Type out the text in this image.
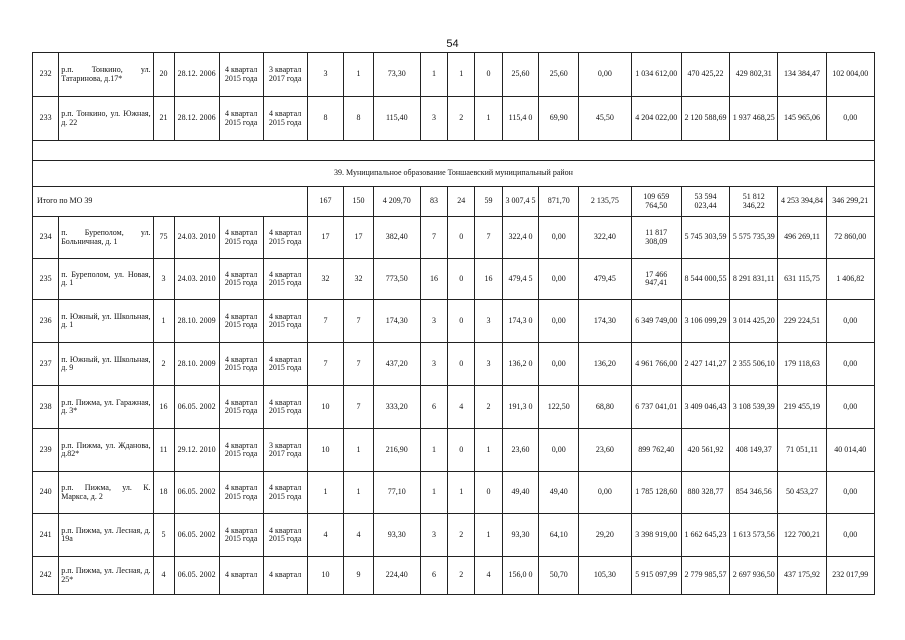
54
232	р.п. Тонкино, ул. Татаринова, д.17*	20	28.12. 2006	4 квартал 2015 года	3 квартал 2017 года	3	1	73,30	1	1	0	25,60	25,60	0,00	1 034 612,00	470 425,22	429 802,31	134 384,47	102 004,00
233	р.п. Тонкино, ул. Южная, д. 22	21	28.12. 2006	4 квартал 2015 года	4 квартал 2015 года	8	8	115,40	3	2	1	115,4 0	69,90	45,50	4 204 022,00	2 120 588,69	1 937 468,25	145 965,06	0,00

39. Муниципальное образование Тоншаевский муниципальный район																			
Итого по МО 39						167	150	4 209,70	83	24	59	3 007,4 5	871,70	2 135,75	109 659 764,50	53 594 023,44	51 812 346,22	4 253 394,84	346 299,21
234	п. Буреполом, ул. Больничная, д. 1	75	24.03. 2010	4 квартал 2015 года	4 квартал 2015 года	17	17	382,40	7	0	7	322,4 0	0,00	322,40	11 817 308,09	5 745 303,59	5 575 735,39	496 269,11	72 860,00
235	п. Буреполом, ул. Новая, д. 1	3	24.03. 2010	4 квартал 2015 года	4 квартал 2015 года	32	32	773,50	16	0	16	479,4 5	0,00	479,45	17 466 947,41	8 544 000,55	8 291 831,11	631 115,75	1 406,82
236	п. Южный, ул. Школьная, д. 1	1	28.10. 2009	4 квартал 2015 года	4 квартал 2015 года	7	7	174,30	3	0	3	174,3 0	0,00	174,30	6 349 749,00	3 106 099,29	3 014 425,20	229 224,51	0,00
237	п. Южный, ул. Школьная, д. 9	2	28.10. 2009	4 квартал 2015 года	4 квартал 2015 года	7	7	437,20	3	0	3	136,2 0	0,00	136,20	4 961 766,00	2 427 141,27	2 355 506,10	179 118,63	0,00
238	р.п. Пижма, ул. Гаражная, д. 3*	16	06.05. 2002	4 квартал 2015 года	4 квартал 2015 года	10	7	333,20	6	4	2	191,3 0	122,50	68,80	6 737 041,01	3 409 046,43	3 108 539,39	219 455,19	0,00
239	р.п. Пижма, ул. Жданова, д.82*	11	29.12. 2010	4 квартал 2015 года	3 квартал 2017 года	10	1	216,90	1	0	1	23,60	0,00	23,60	899 762,40	420 561,92	408 149,37	71 051,11	40 014,40
240	р.п. Пижма, ул. К. Маркса, д. 2	18	06.05. 2002	4 квартал 2015 года	4 квартал 2015 года	1	1	77,10	1	1	0	49,40	49,40	0,00	1 785 128,60	880 328,77	854 346,56	50 453,27	0,00
241	р.п. Пижма, ул. Лесная, д. 19а	5	06.05. 2002	4 квартал 2015 года	4 квартал 2015 года	4	4	93,30	3	2	1	93,30	64,10	29,20	3 398 919,00	1 662 645,23	1 613 573,56	122 700,21	0,00
242	р.п. Пижма, ул. Лесная, д. 25*	4	06.05. 2002	4 квартал	4 квартал	10	9	224,40	6	2	4	156,0 0	50,70	105,30	5 915 097,99	2 779 985,57	2 697 936,50	437 175,92	232 017,99
